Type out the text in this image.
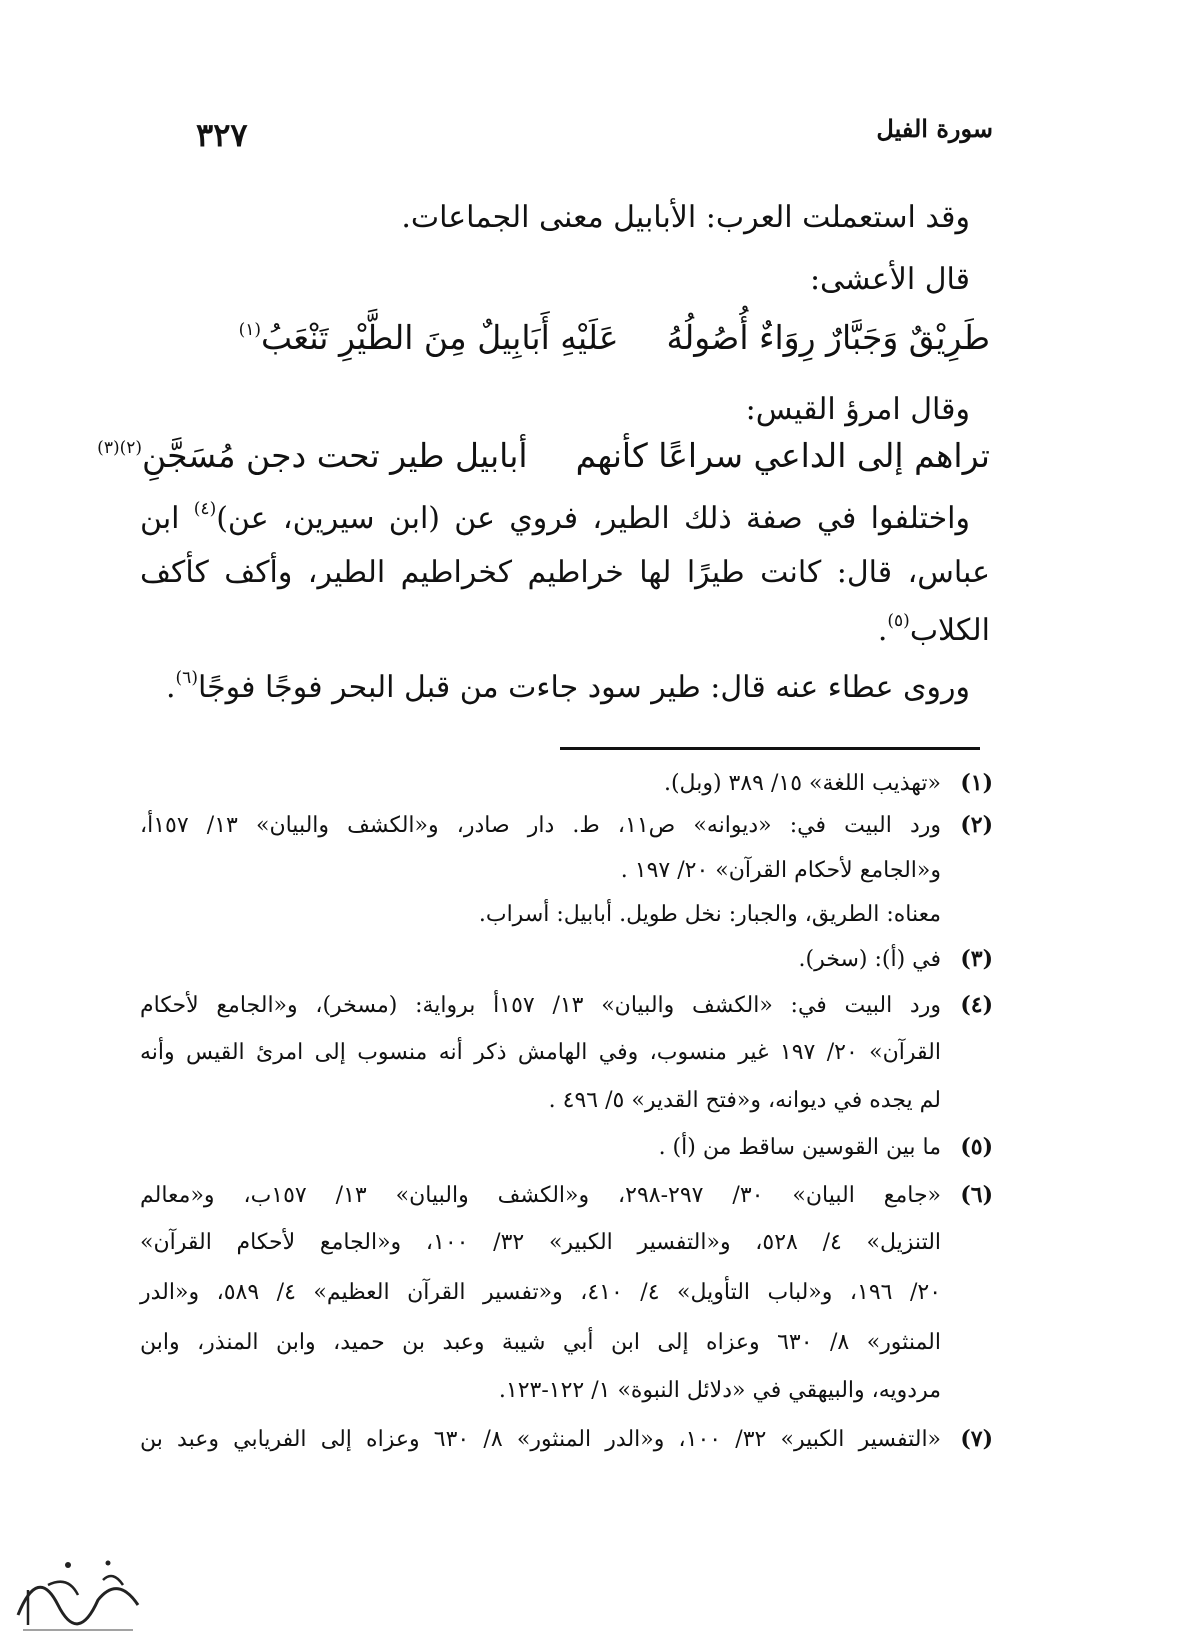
سورة الفيل
٣٢٧
وقد استعملت العرب: الأبابيل معنى الجماعات.
قال الأعشى:
طَرِيْقٌ وَجَبَّارٌ رِوَاءٌ أُصُولُهُعَلَيْهِ أَبَابِيلٌ مِنَ الطَّيْرِ تَنْعَبُ$^{(١)}$
وقال امرؤ القيس:
تراهم إلى الداعي سراعًا كأنهمأبابيل طير تحت دجن مُسَجَّنِ$^{(٢)(٣)}$
واختلفوا في صفة ذلك الطير، فروي عن (ابن سيرين، عن)$^{(٤)}$ ابن
عباس، قال: كانت طيرًا لها خراطيم كخراطيم الطير، وأكف كأكف
الكلاب$^{(٥)}$.
وروى عطاء عنه قال: طير سود جاءت من قبل البحر فوجًا فوجًا$^{(٦)}$.
(١)«تهذيب اللغة» ١٥/ ٣٨٩ (وبل).
(٢)ورد البيت في: «ديوانه» ص١١، ط. دار صادر، و«الكشف والبيان» ١٣/ ١٥٧أ،
و«الجامع لأحكام القرآن» ٢٠/ ١٩٧ .
معناه: الطريق، والجبار: نخل طويل. أبابيل: أسراب.
(٣)في (أ): (سخر).
(٤)ورد البيت في: «الكشف والبيان» ١٣/ ١٥٧أ برواية: (مسخر)، و«الجامع لأحكام
القرآن» ٢٠/ ١٩٧ غير منسوب، وفي الهامش ذكر أنه منسوب إلى امرئ القيس وأنه
لم يجده في ديوانه، و«فتح القدير» ٥/ ٤٩٦ .
(٥)ما بين القوسين ساقط من (أ) .
(٦)«جامع البيان» ٣٠/ ٢٩٧-٢٩٨، و«الكشف والبيان» ١٣/ ١٥٧ب، و«معالم
التنزيل» ٤/ ٥٢٨، و«التفسير الكبير» ٣٢/ ١٠٠، و«الجامع لأحكام القرآن»
٢٠/ ١٩٦، و«لباب التأويل» ٤/ ٤١٠، و«تفسير القرآن العظيم» ٤/ ٥٨٩، و«الدر
المنثور» ٨/ ٦٣٠ وعزاه إلى ابن أبي شيبة وعبد بن حميد، وابن المنذر، وابن
مردويه، والبيهقي في «دلائل النبوة» ١/ ١٢٢-١٢٣.
(٧)«التفسير الكبير» ٣٢/ ١٠٠، و«الدر المنثور» ٨/ ٦٣٠ وعزاه إلى الفريابي وعبد بن
